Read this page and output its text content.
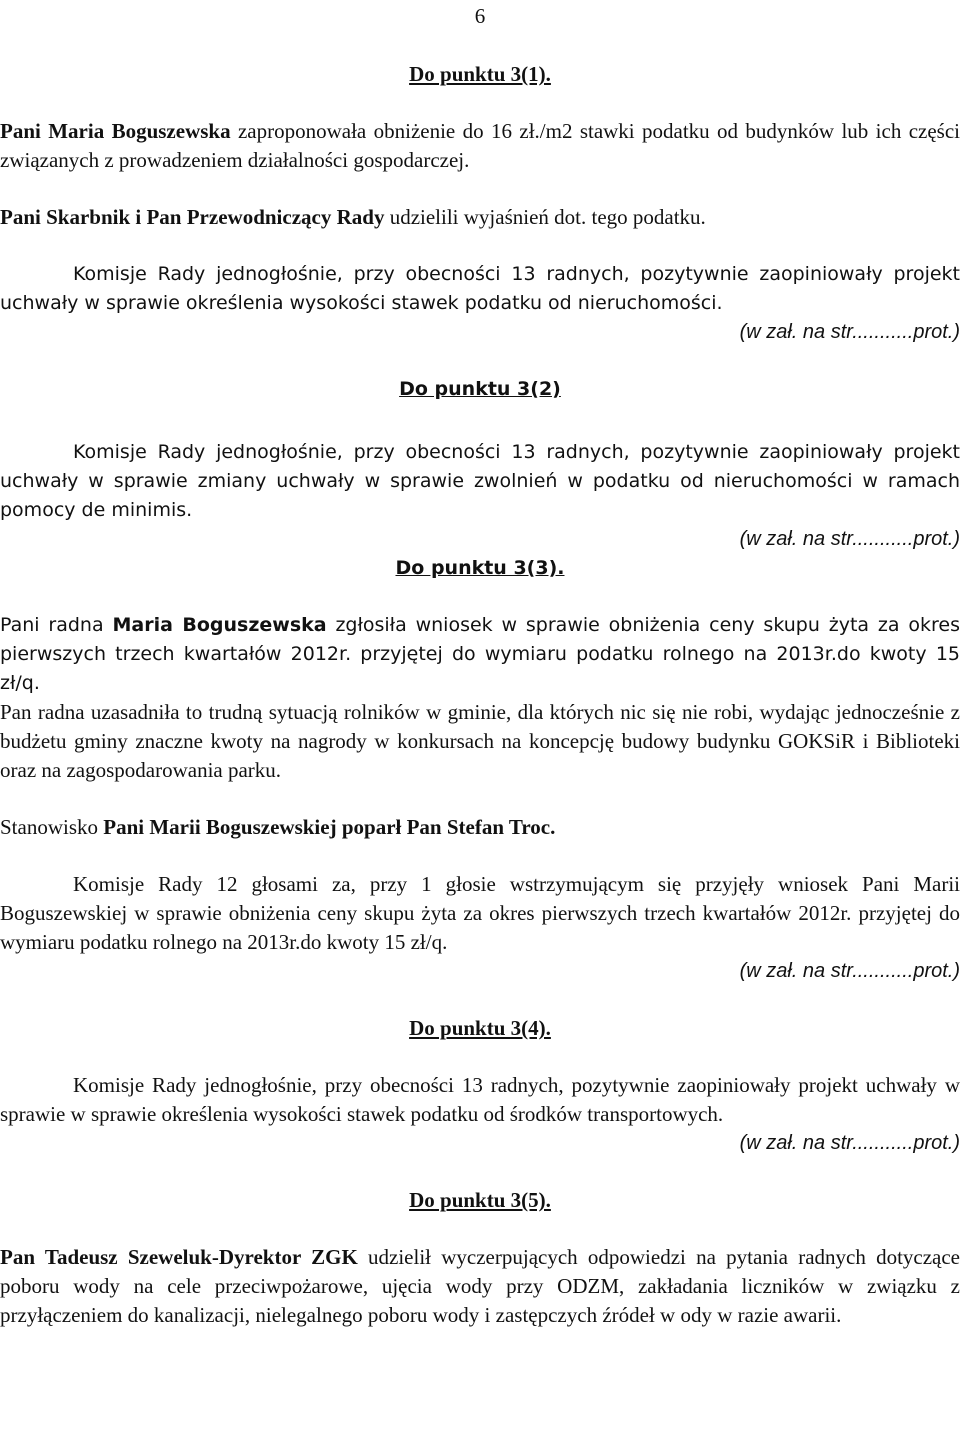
6

Do punktu 3(1).

Pani Maria Boguszewska zaproponowała obniżenie do 16 zł./m2 stawki podatku od budynków lub ich części związanych z prowadzeniem działalności gospodarczej.

Pani Skarbnik i Pan Przewodniczący Rady udzielili wyjaśnień dot. tego podatku.

Komisje Rady jednogłośnie, przy obecności 13 radnych, pozytywnie zaopiniowały projekt uchwały w sprawie określenia wysokości stawek podatku od nieruchomości.

(w zał. na str...........prot.)

Do punktu 3(2)

Komisje Rady jednogłośnie, przy obecności 13 radnych, pozytywnie zaopiniowały projekt uchwały w sprawie zmiany uchwały w sprawie zwolnień w podatku od nieruchomości w ramach pomocy de minimis.

(w zał. na str...........prot.)

Do punktu 3(3).

Pani radna Maria Boguszewska zgłosiła wniosek w sprawie obniżenia ceny skupu żyta za okres pierwszych trzech kwartałów 2012r. przyjętej do wymiaru podatku rolnego na 2013r.do kwoty 15 zł/q.

Pan radna uzasadniła to trudną sytuacją rolników w gminie, dla których nic się nie robi, wydając jednocześnie z budżetu gminy znaczne kwoty na nagrody w konkursach na koncepcję budowy budynku GOKSiR i Biblioteki oraz na zagospodarowania parku.

Stanowisko Pani Marii Boguszewskiej poparł Pan Stefan Troc.

Komisje Rady 12 głosami za, przy 1 głosie wstrzymującym się przyjęły wniosek Pani Marii Boguszewskiej w sprawie obniżenia ceny skupu żyta za okres pierwszych trzech kwartałów 2012r. przyjętej do wymiaru podatku rolnego na 2013r.do kwoty 15 zł/q.

(w zał. na str...........prot.)

Do punktu 3(4).

Komisje Rady jednogłośnie, przy obecności 13 radnych, pozytywnie zaopiniowały projekt uchwały w sprawie w sprawie określenia wysokości stawek podatku od środków transportowych.

(w zał. na str...........prot.)

Do punktu 3(5).

Pan Tadeusz Szeweluk-Dyrektor ZGK udzielił wyczerpujących odpowiedzi na pytania radnych dotyczące poboru wody na cele przeciwpożarowe, ujęcia wody przy ODZM, zakładania liczników w związku z przyłączeniem do kanalizacji, nielegalnego poboru wody i zastępczych źródeł w ody w razie awarii.
